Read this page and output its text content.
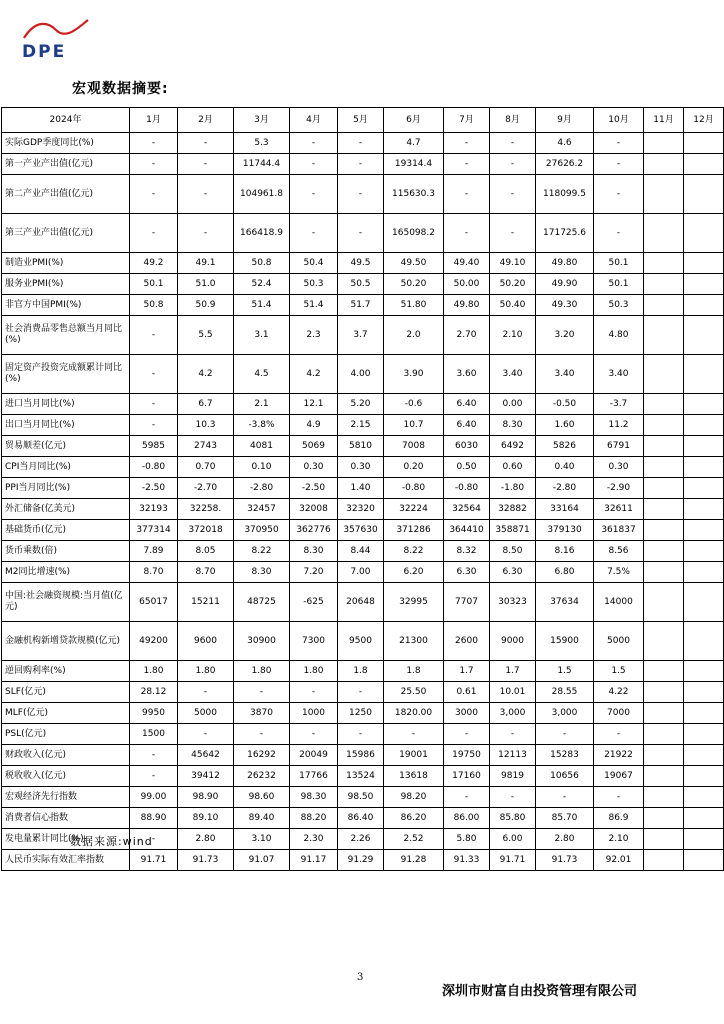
DPE
宏观数据摘要:
2024年	1月	2月	3月	4月	5月	6月	7月	8月	9月	10月	11月	12月
实际GDP季度同比(%)	-	-	5.3	-	-	4.7	-	-	4.6	-		
第一产业产出值(亿元)	-	-	11744.4	-	-	19314.4	-	-	27626.2	-		
第二产业产出值(亿元)	-	-	104961.8	-	-	115630.3	-	-	118099.5	-		
第三产业产出值(亿元)	-	-	166418.9	-	-	165098.2	-	-	171725.6	-		
制造业PMI(%)	49.2	49.1	50.8	50.4	49.5	49.50	49.40	49.10	49.80	50.1		
服务业PMI(%)	50.1	51.0	52.4	50.3	50.5	50.20	50.00	50.20	49.90	50.1		
非官方中国PMI(%)	50.8	50.9	51.4	51.4	51.7	51.80	49.80	50.40	49.30	50.3		
社会消费品零售总额当月同比(%)	-	5.5	3.1	2.3	3.7	2.0	2.70	2.10	3.20	4.80		
固定资产投资完成额累计同比(%)	-	4.2	4.5	4.2	4.00	3.90	3.60	3.40	3.40	3.40		
进口当月同比(%)	-	6.7	2.1	12.1	5.20	-0.6	6.40	0.00	-0.50	-3.7		
出口当月同比(%)	-	10.3	-3.8%	4.9	2.15	10.7	6.40	8.30	1.60	11.2		
贸易顺差(亿元)	5985	2743	4081	5069	5810	7008	6030	6492	5826	6791		
CPI当月同比(%)	-0.80	0.70	0.10	0.30	0.30	0.20	0.50	0.60	0.40	0.30		
PPI当月同比(%)	-2.50	-2.70	-2.80	-2.50	1.40	-0.80	-0.80	-1.80	-2.80	-2.90		
外汇储备(亿美元)	32193	32258.	32457	32008	32320	32224	32564	32882	33164	32611		
基础货币(亿元)	377314	372018	370950	362776	357630	371286	364410	358871	379130	361837		
货币乘数(倍)	7.89	8.05	8.22	8.30	8.44	8.22	8.32	8.50	8.16	8.56		
M2同比增速(%)	8.70	8.70	8.30	7.20	7.00	6.20	6.30	6.30	6.80	7.5%		
中国:社会融资规模:当月值(亿元)	65017	15211	48725	-625	20648	32995	7707	30323	37634	14000		
金融机构新增贷款规模(亿元)	49200	9600	30900	7300	9500	21300	2600	9000	15900	5000		
逆回购利率(%)	1.80	1.80	1.80	1.80	1.8	1.8	1.7	1.7	1.5	1.5		
SLF(亿元)	28.12	-	-	-	-	25.50	0.61	10.01	28.55	4.22		
MLF(亿元)	9950	5000	3870	1000	1250	1820.00	3000	3,000	3,000	7000		
PSL(亿元)	1500	-	-	-	-	-	-	-	-	-		
财政收入(亿元)	-	45642	16292	20049	15986	19001	19750	12113	15283	21922		
税收收入(亿元)	-	39412	26232	17766	13524	13618	17160	9819	10656	19067		
宏观经济先行指数	99.00	98.90	98.60	98.30	98.50	98.20	-	-	-	-		
消费者信心指数	88.90	89.10	89.40	88.20	86.40	86.20	86.00	85.80	85.70	86.9		
发电量累计同比(%)	-	2.80	3.10	2.30	2.26	2.52	5.80	6.00	2.80	2.10		
人民币实际有效汇率指数	91.71	91.73	91.07	91.17	91.29	91.28	91.33	91.71	91.73	92.01		
数据来源:wind
3
深圳市财富自由投资管理有限公司
